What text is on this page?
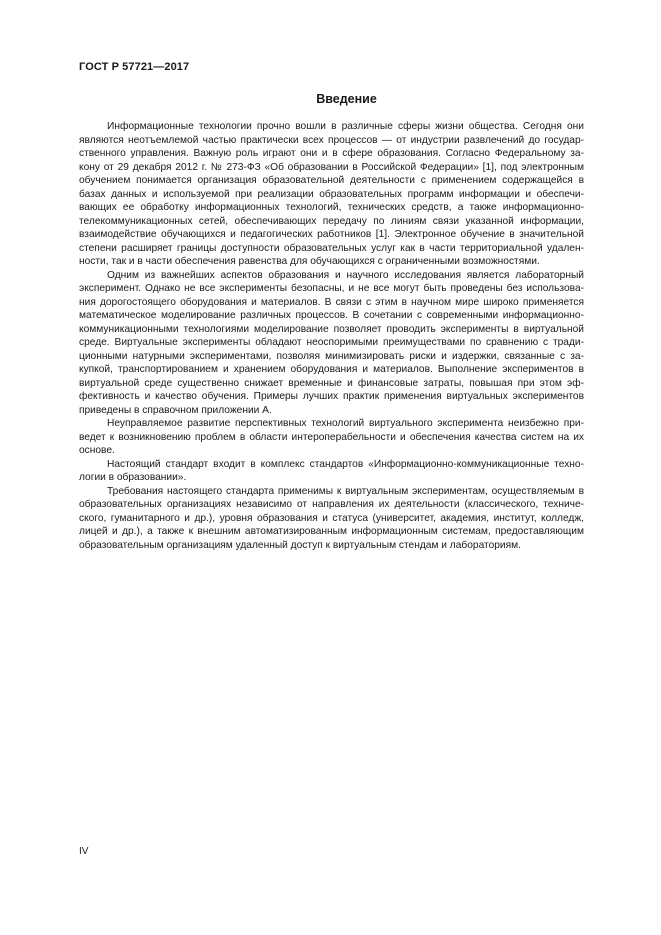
ГОСТ Р 57721—2017
Введение
Информационные технологии прочно вошли в различные сферы жизни общества. Сегодня они
являются неотъемлемой частью практически всех процессов — от индустрии развлечений до государ-
ственного управления. Важную роль играют они и в сфере образования. Согласно Федеральному за-
кону от 29 декабря 2012 г. № 273-ФЗ «Об образовании в Российской Федерации» [1], под электронным
обучением понимается организация образовательной деятельности с применением содержащейся в
базах данных и используемой при реализации образовательных программ информации и обеспечи-
вающих ее обработку информационных технологий, технических средств, а также информационно-
телекоммуникационных сетей, обеспечивающих передачу по линиям связи указанной информации,
взаимодействие обучающихся и педагогических работников [1]. Электронное обучение в значительной
степени расширяет границы доступности образовательных услуг как в части территориальной удален-
ности, так и в части обеспечения равенства для обучающихся с ограниченными возможностями.
Одним из важнейших аспектов образования и научного исследования является лабораторный
эксперимент. Однако не все эксперименты безопасны, и не все могут быть проведены без использова-
ния дорогостоящего оборудования и материалов. В связи с этим в научном мире широко применяется
математическое моделирование различных процессов. В сочетании с современными информационно-
коммуникационными технологиями моделирование позволяет проводить эксперименты в виртуальной
среде. Виртуальные эксперименты обладают неоспоримыми преимуществами по сравнению с тради-
ционными натурными экспериментами, позволяя минимизировать риски и издержки, связанные с за-
купкой, транспортированием и хранением оборудования и материалов. Выполнение экспериментов в
виртуальной среде существенно снижает временные и финансовые затраты, повышая при этом эф-
фективность и качество обучения. Примеры лучших практик применения виртуальных экспериментов
приведены в справочном приложении А.
Неуправляемое развитие перспективных технологий виртуального эксперимента неизбежно при-
ведет к возникновению проблем в области интероперабельности и обеспечения качества систем на их
основе.
Настоящий стандарт входит в комплекс стандартов «Информационно-коммуникационные техно-
логии в образовании».
Требования настоящего стандарта применимы к виртуальным экспериментам, осуществляемым в
образовательных организациях независимо от направления их деятельности (классического, техниче-
ского, гуманитарного и др.), уровня образования и статуса (университет, академия, институт, колледж,
лицей и др.), а также к внешним автоматизированным информационным системам, предоставляющим
образовательным организациям удаленный доступ к виртуальным стендам и лабораториям.
IV
